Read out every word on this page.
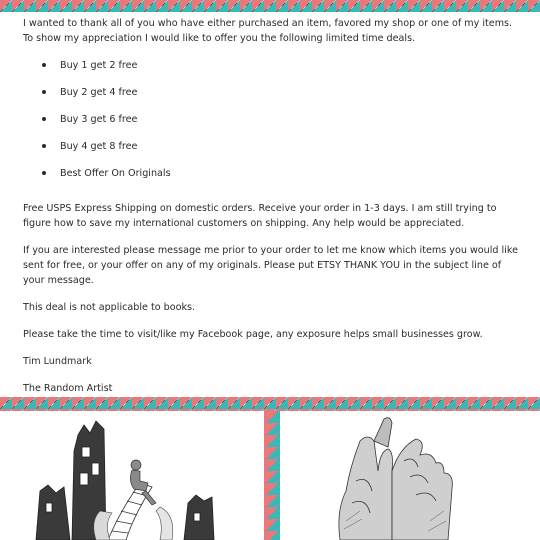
I wanted to thank all of you who have either purchased an item, favored my shop or one of my items. To show my appreciation I would like to offer you the following limited time deals.

Buy 1 get 2 free
Buy 2 get 4 free
Buy 3 get 6 free
Buy 4 get 8 free
Best Offer On Originals

Free USPS Express Shipping on domestic orders. Receive your order in 1-3 days. I am still trying to figure how to save my international customers on shipping. Any help would be appreciated.

If you are interested please message me prior to your order to let me know which items you would like sent for free, or your offer on any of my originals. Please put ETSY THANK YOU in the subject line of your message.

This deal is not applicable to books.

Please take the time to visit/like my Facebook page, any exposure helps small businesses grow.

Tim Lundmark

The Random Artist
